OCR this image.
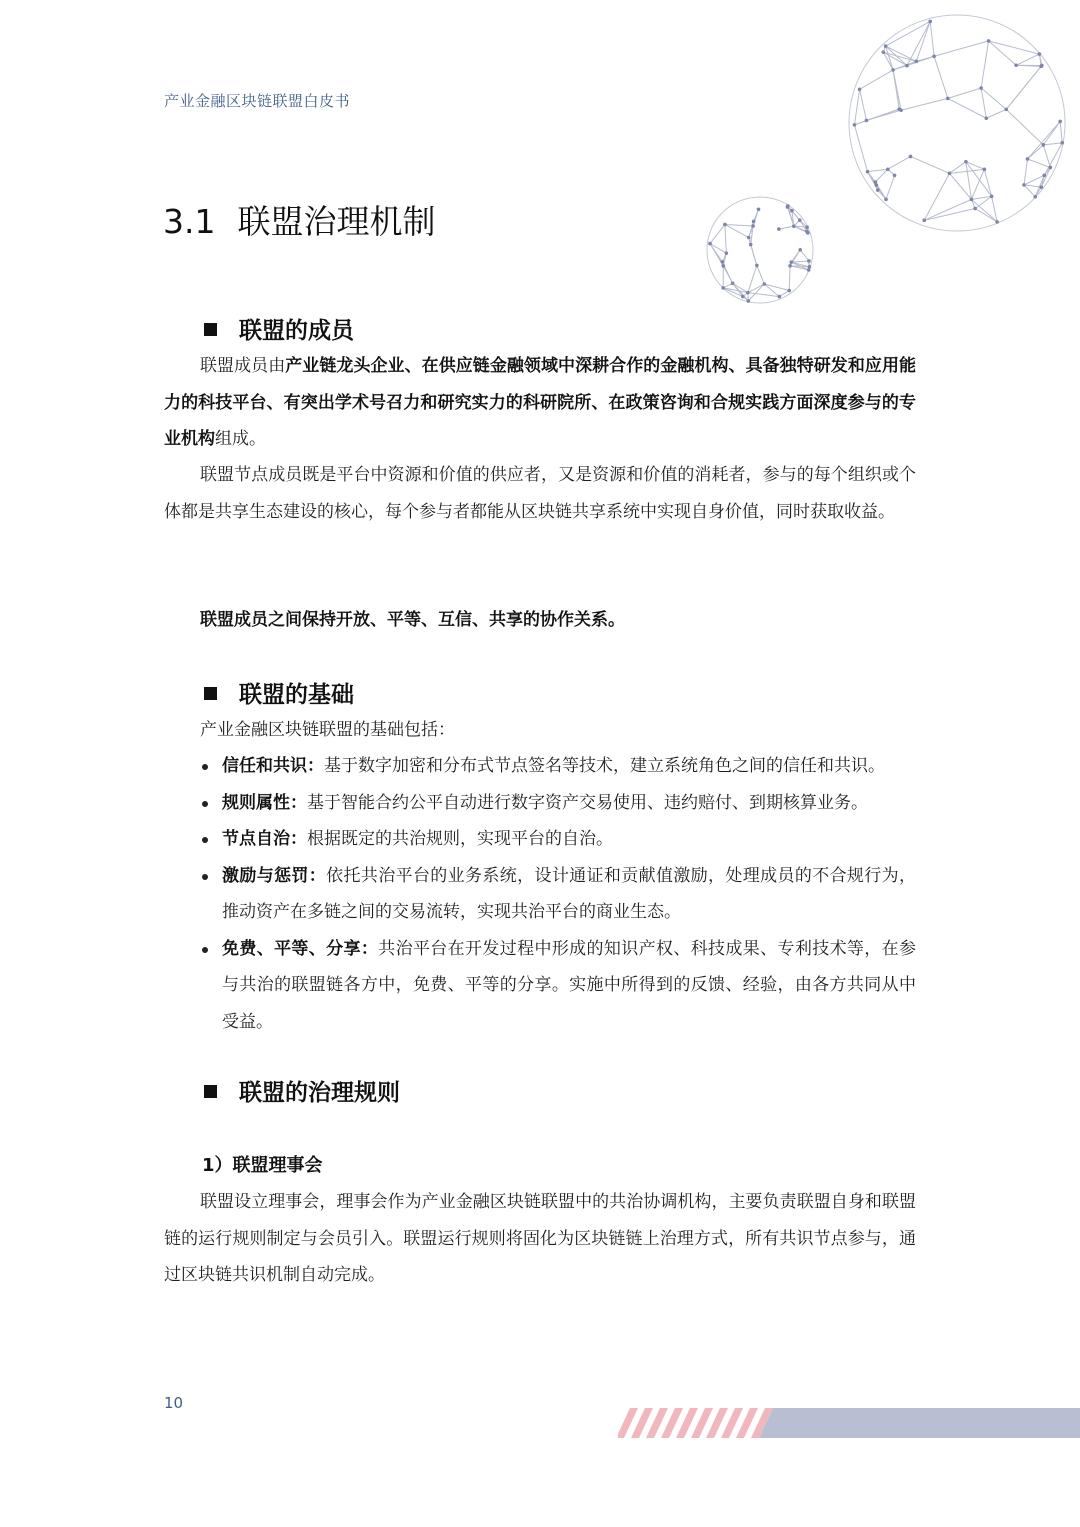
产业金融区块链联盟白皮书
3.1 联盟治理机制
联盟的成员

联盟成员由产业链龙头企业、在供应链金融领域中深耕合作的金融机构、具备独特研发和应用能力的科技平台、有突出学术号召力和研究实力的科研院所、在政策咨询和合规实践方面深度参与的专业机构组成。

联盟节点成员既是平台中资源和价值的供应者，又是资源和价值的消耗者，参与的每个组织或个体都是共享生态建设的核心，每个参与者都能从区块链共享系统中实现自身价值，同时获取收益。

联盟成员之间保持开放、平等、互信、共享的协作关系。

联盟的基础

产业金融区块链联盟的基础包括：

信任和共识：基于数字加密和分布式节点签名等技术，建立系统角色之间的信任和共识。
规则属性：基于智能合约公平自动进行数字资产交易使用、违约赔付、到期核算业务。
节点自治：根据既定的共治规则，实现平台的自治。
激励与惩罚：依托共治平台的业务系统，设计通证和贡献值激励，处理成员的不合规行为，推动资产在多链之间的交易流转，实现共治平台的商业生态。
免费、平等、分享：共治平台在开发过程中形成的知识产权、科技成果、专利技术等，在参与共治的联盟链各方中，免费、平等的分享。实施中所得到的反馈、经验，由各方共同从中受益。
联盟的治理规则
1）联盟理事会

联盟设立理事会，理事会作为产业金融区块链联盟中的共治协调机构，主要负责联盟自身和联盟链的运行规则制定与会员引入。联盟运行规则将固化为区块链链上治理方式，所有共识节点参与，通过区块链共识机制自动完成。

10
